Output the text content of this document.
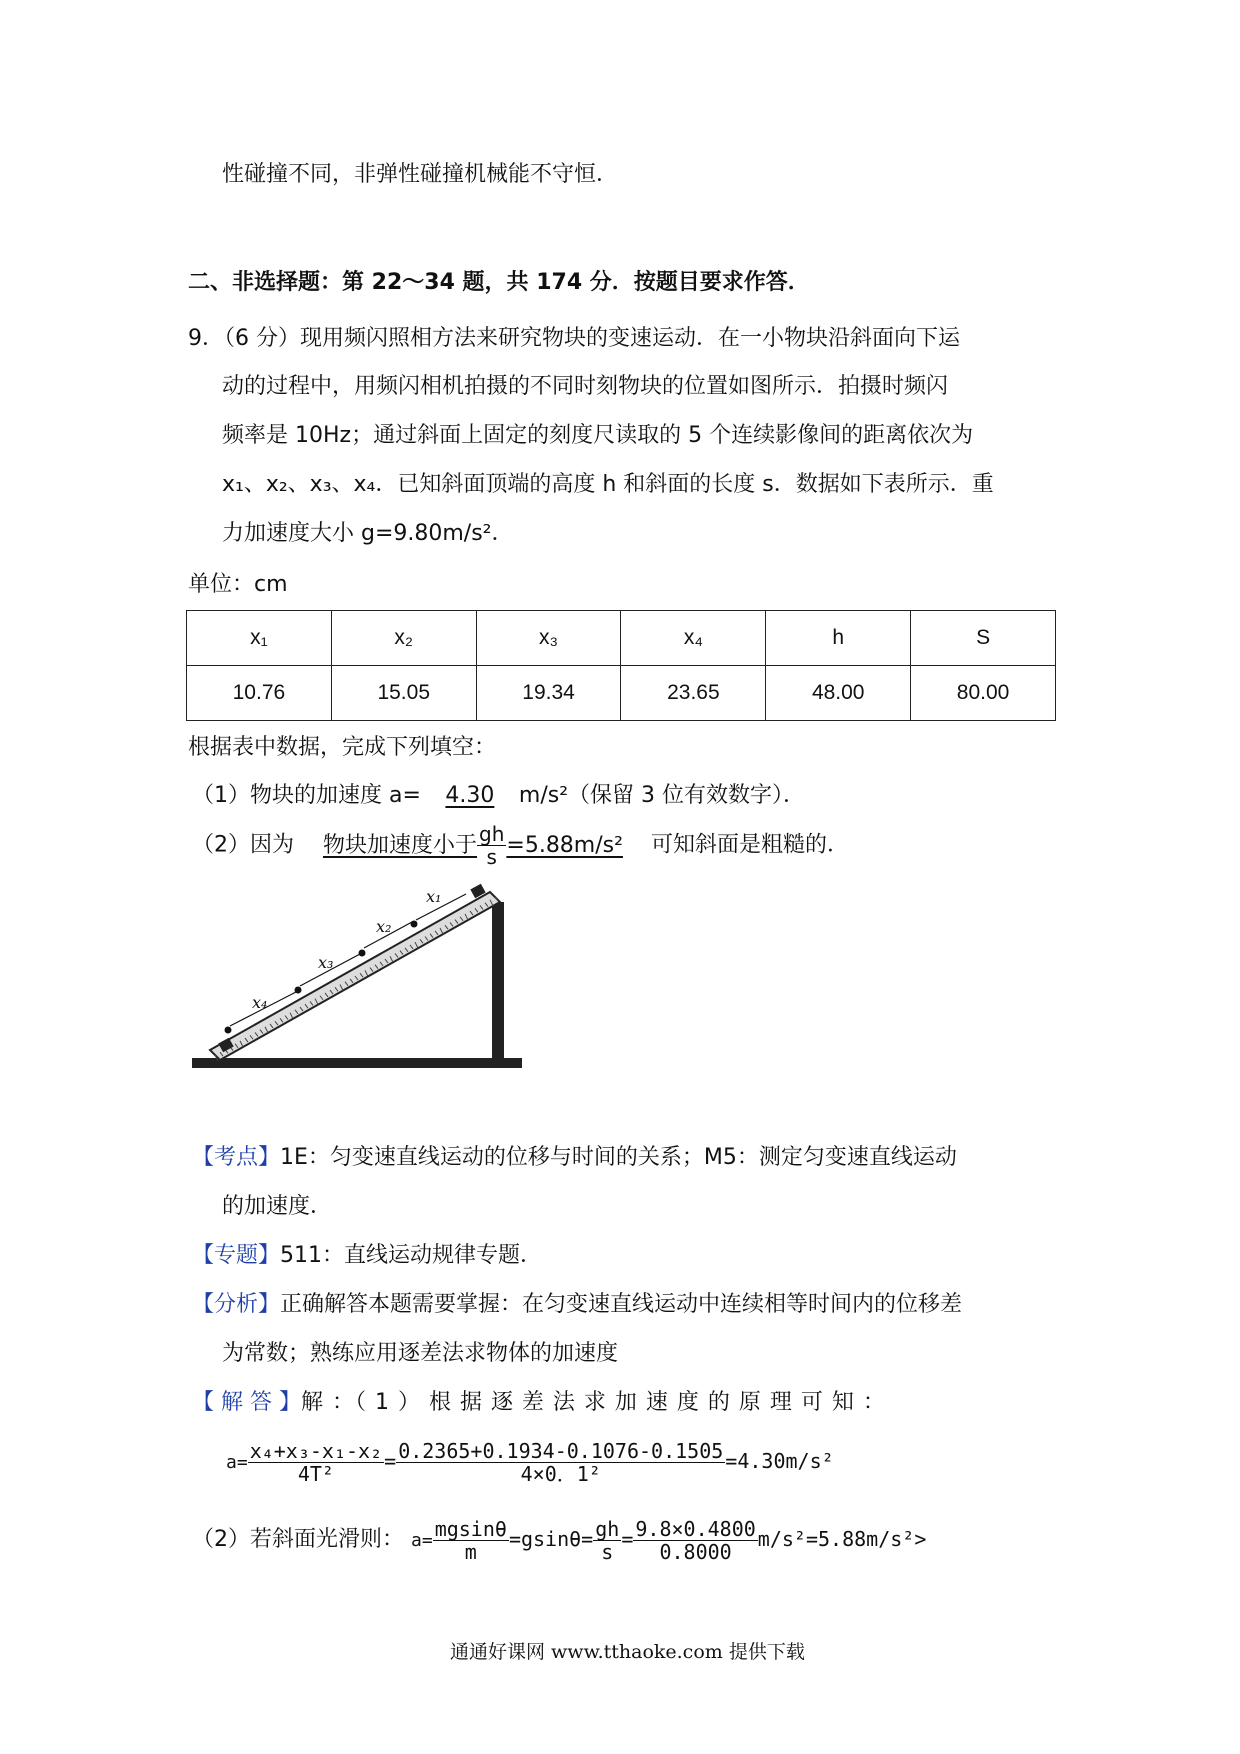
性碰撞不同，非弹性碰撞机械能不守恒．
二、非选择题：第 22～34 题，共 174 分．按题目要求作答．
9．（6 分）现用频闪照相方法来研究物块的变速运动．在一小物块沿斜面向下运
动的过程中，用频闪相机拍摄的不同时刻物块的位置如图所示．拍摄时频闪
频率是 10Hz；通过斜面上固定的刻度尺读取的 5 个连续影像间的距离依次为
x₁、x₂、x₃、x₄．已知斜面顶端的高度 h 和斜面的长度 s．数据如下表所示．重
力加速度大小 g=9.80m/s²．
单位：cm
x₁	x₂	x₃	x₄	h	S
10.76	15.05	19.34	23.65	48.00	80.00
根据表中数据，完成下列填空：
（1）物块的加速度 a= 4.30 m/s²（保留 3 位有效数字）．
（2）因为 物块加速度小于 $\frac{gh}{s} =5.88m/s^2$ 可知斜面是粗糙的．
x₁
x₂
x₃
x₄
【考点】1E：匀变速直线运动的位移与时间的关系；M5：测定匀变速直线运动
的加速度．
【专题】511：直线运动规律专题．
【分析】正确解答本题需要掌握：在匀变速直线运动中连续相等时间内的位移差
为常数；熟练应用逐差法求物体的加速度
【 解 答 】解 ：（ 1 ） 根 据 逐 差 法 求 加 速 度 的 原 理 可 知 ：
$a= \frac{\text{x₄+x₃-x₁-x₂}}{\text{4T²}} = \frac{0.2365+0.1934-0.1076-0.1505}{\text{4×0．1²}} =4.30m/s^2$
（2）若斜面光滑则： $a= \frac{mgsin\theta}{m} =gsin\theta= \frac{gh}{s} = \frac{9.8\times 0.4800}{0.8000} m/s^2=5.88m/s^2>$
通通好课网 www.tthaoke.com 提供下载
